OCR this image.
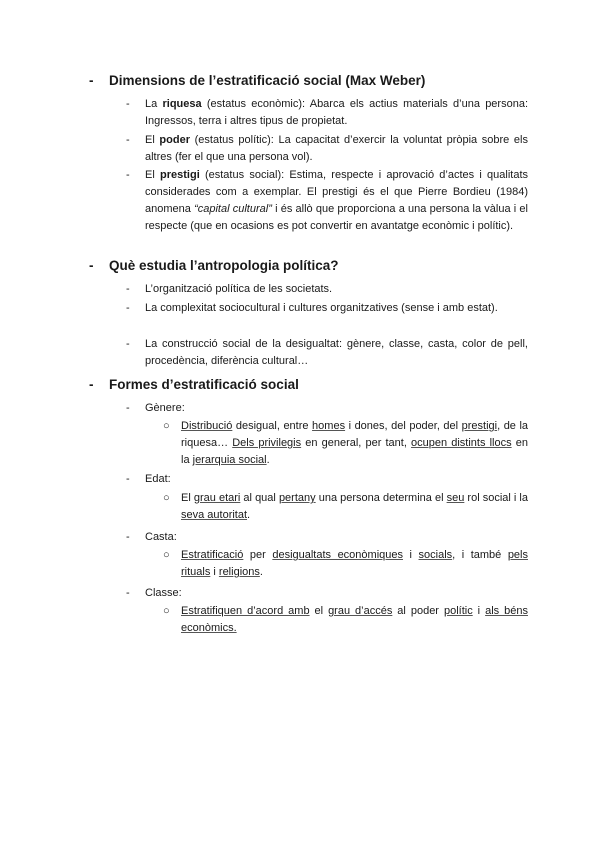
- Dimensions de l’estratificació social (Max Weber)
- La riquesa (estatus econòmic): Abarca els actius materials d’una persona: Ingressos, terra i altres tipus de propietat.
- El poder (estatus polític): La capacitat d’exercir la voluntat pròpia sobre els altres (fer el que una persona vol).
- El prestigi (estatus social): Estima, respecte i aprovació d’actes i qualitats considerades com a exemplar. El prestigi és el que Pierre Bordieu (1984) anomena “capital cultural” i és allò que proporciona a una persona la vàlua i el respecte (que en ocasions es pot convertir en avantatge econòmic i polític).
- Què estudia l’antropologia política?
- L’organització política de les societats.
- La complexitat sociocultural i cultures organitzatives (sense i amb estat).
- La construcció social de la desigualtat: gènere, classe, casta, color de pell, procedència, diferència cultural…
- Formes d’estratificació social
- Gènere:
○ Distribució desigual, entre homes i dones, del poder, del prestigi, de la riquesa… Dels privilegis en general, per tant, ocupen distints llocs en la jerarquia social.
- Edat:
○ El grau etari al qual pertany una persona determina el seu rol social i la seva autoritat.
- Casta:
○ Estratificació per desigualtats econòmiques i socials, i també pels rituals i religions.
- Classe:
○ Estratifiquen d’acord amb el grau d’accés al poder polític i als béns econòmics.
